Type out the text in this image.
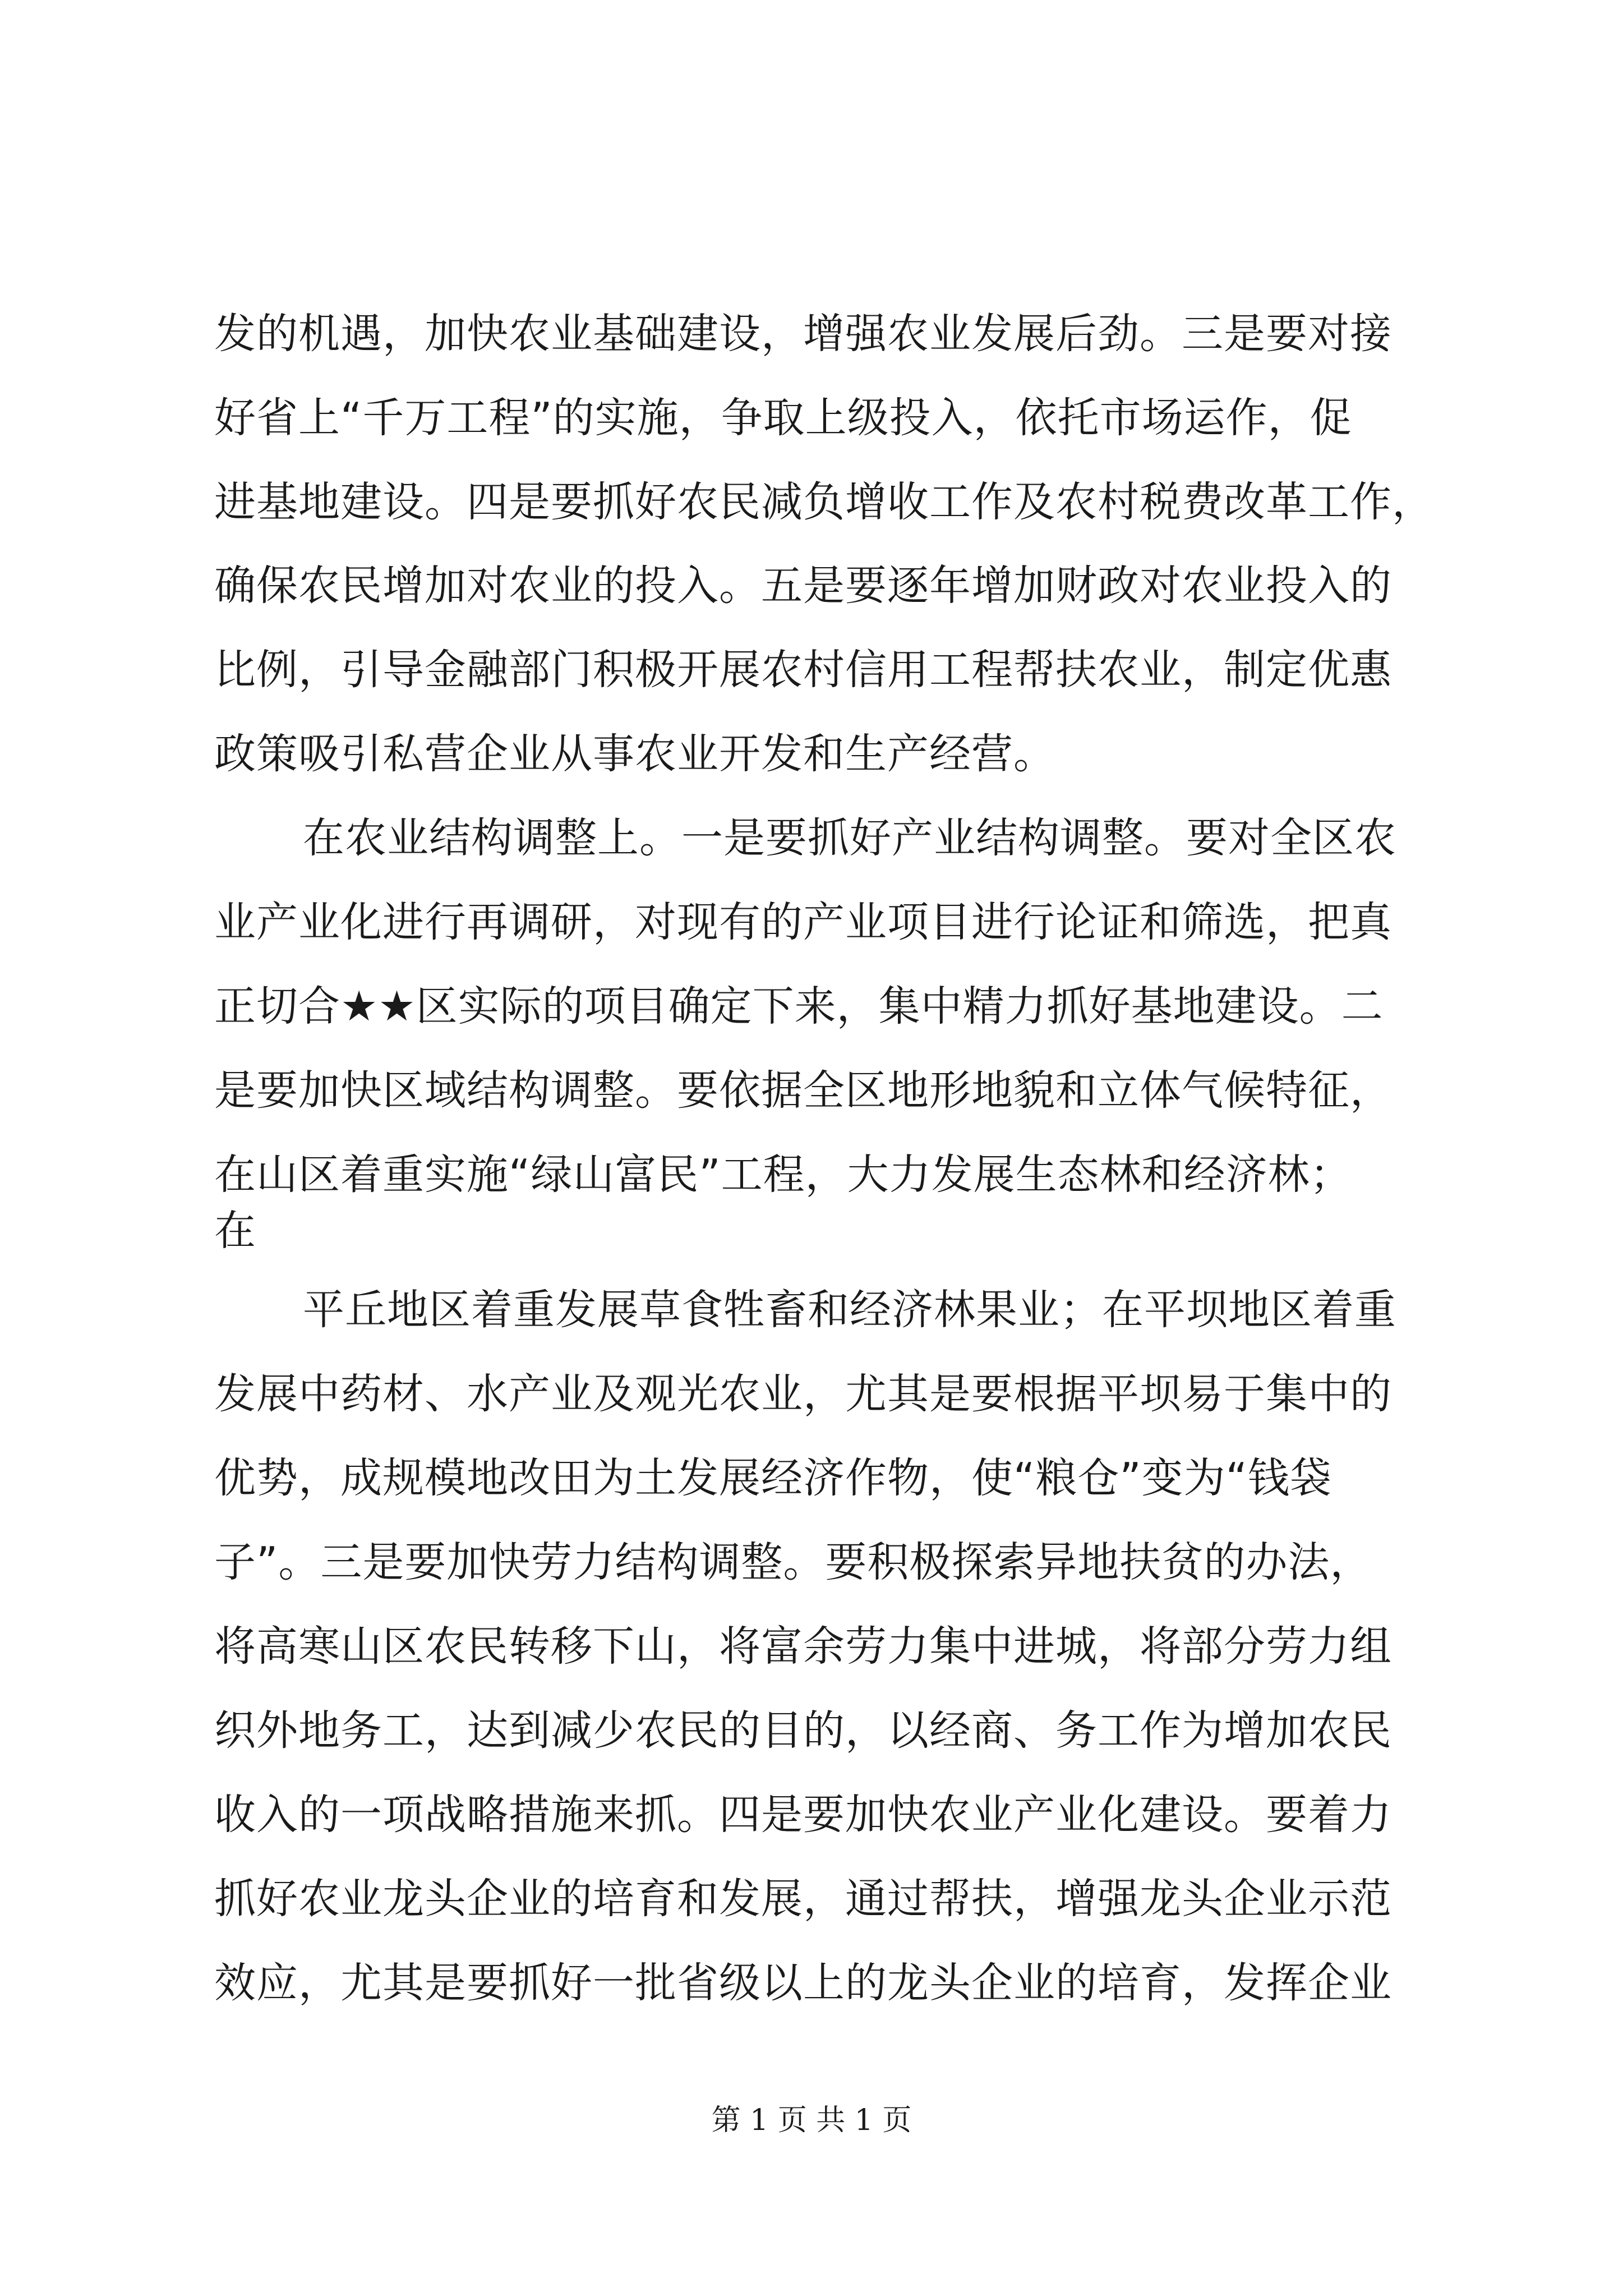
发的机遇，加快农业基础建设，增强农业发展后劲。三是要对接
好省上“千万工程”的实施，争取上级投入，依托市场运作，促
进基地建设。四是要抓好农民减负增收工作及农村税费改革工作，
确保农民增加对农业的投入。五是要逐年增加财政对农业投入的
比例，引导金融部门积极开展农村信用工程帮扶农业，制定优惠
政策吸引私营企业从事农业开发和生产经营。
在农业结构调整上。一是要抓好产业结构调整。要对全区农
业产业化进行再调研，对现有的产业项目进行论证和筛选，把真
正切合★★区实际的项目确定下来，集中精力抓好基地建设。二
是要加快区域结构调整。要依据全区地形地貌和立体气候特征，
在山区着重实施“绿山富民”工程，大力发展生态林和经济林；
在
平丘地区着重发展草食牲畜和经济林果业；在平坝地区着重
发展中药材、水产业及观光农业，尤其是要根据平坝易于集中的
优势，成规模地改田为土发展经济作物，使“粮仓”变为“钱袋
子”。三是要加快劳力结构调整。要积极探索异地扶贫的办法，
将高寒山区农民转移下山，将富余劳力集中进城，将部分劳力组
织外地务工，达到减少农民的目的，以经商、务工作为增加农民
收入的一项战略措施来抓。四是要加快农业产业化建设。要着力
抓好农业龙头企业的培育和发展，通过帮扶，增强龙头企业示范
效应，尤其是要抓好一批省级以上的龙头企业的培育，发挥企业
第 1 页 共 1 页
